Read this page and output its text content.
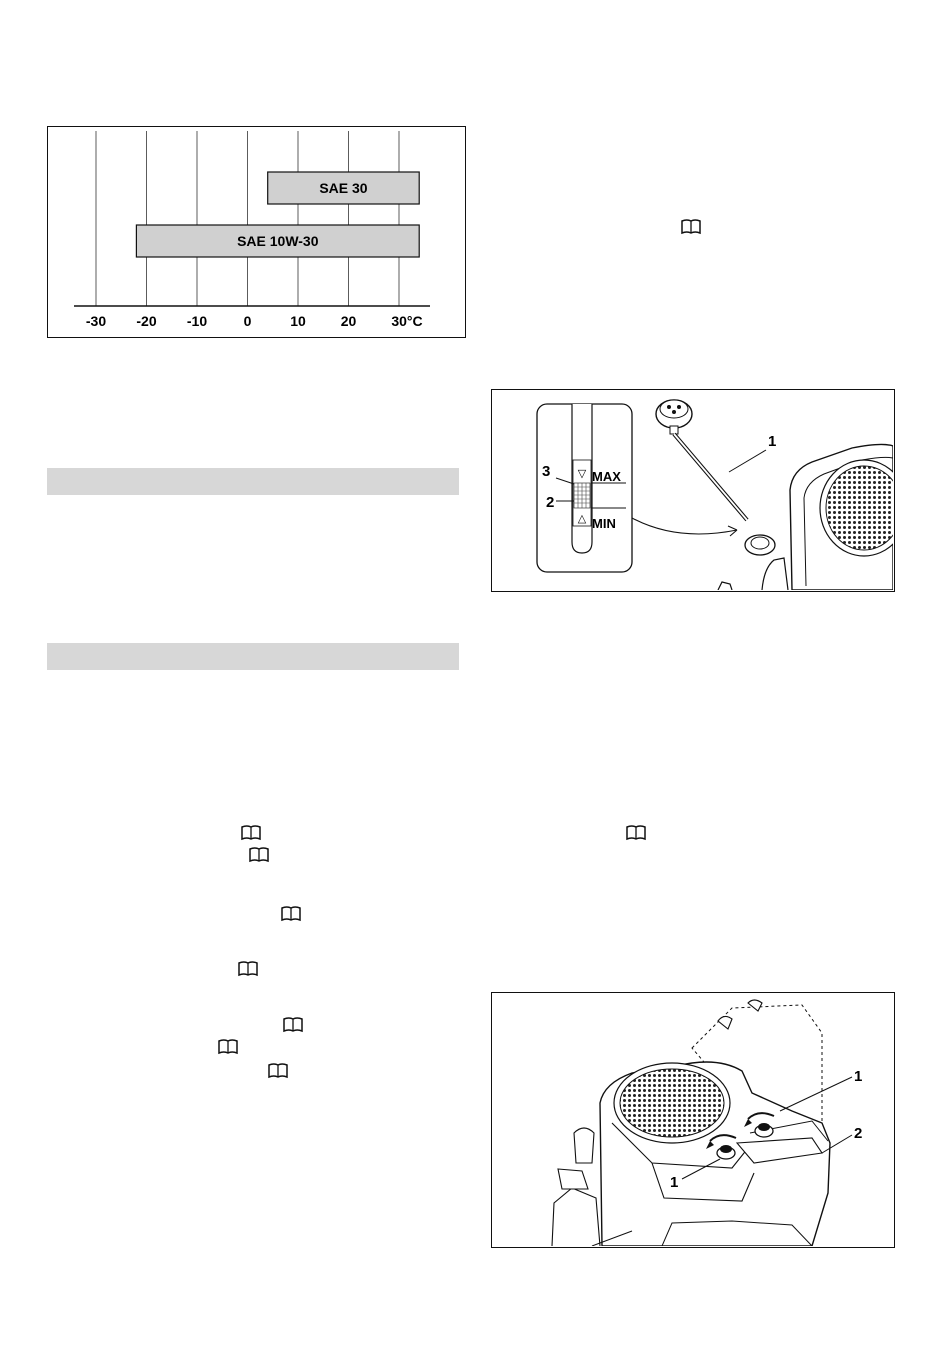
SAE 30
SAE 10W-30
-30 -20 -10	0	10 20	30°C
▽
△
MAX
MIN
3
2
1
1
2
1
